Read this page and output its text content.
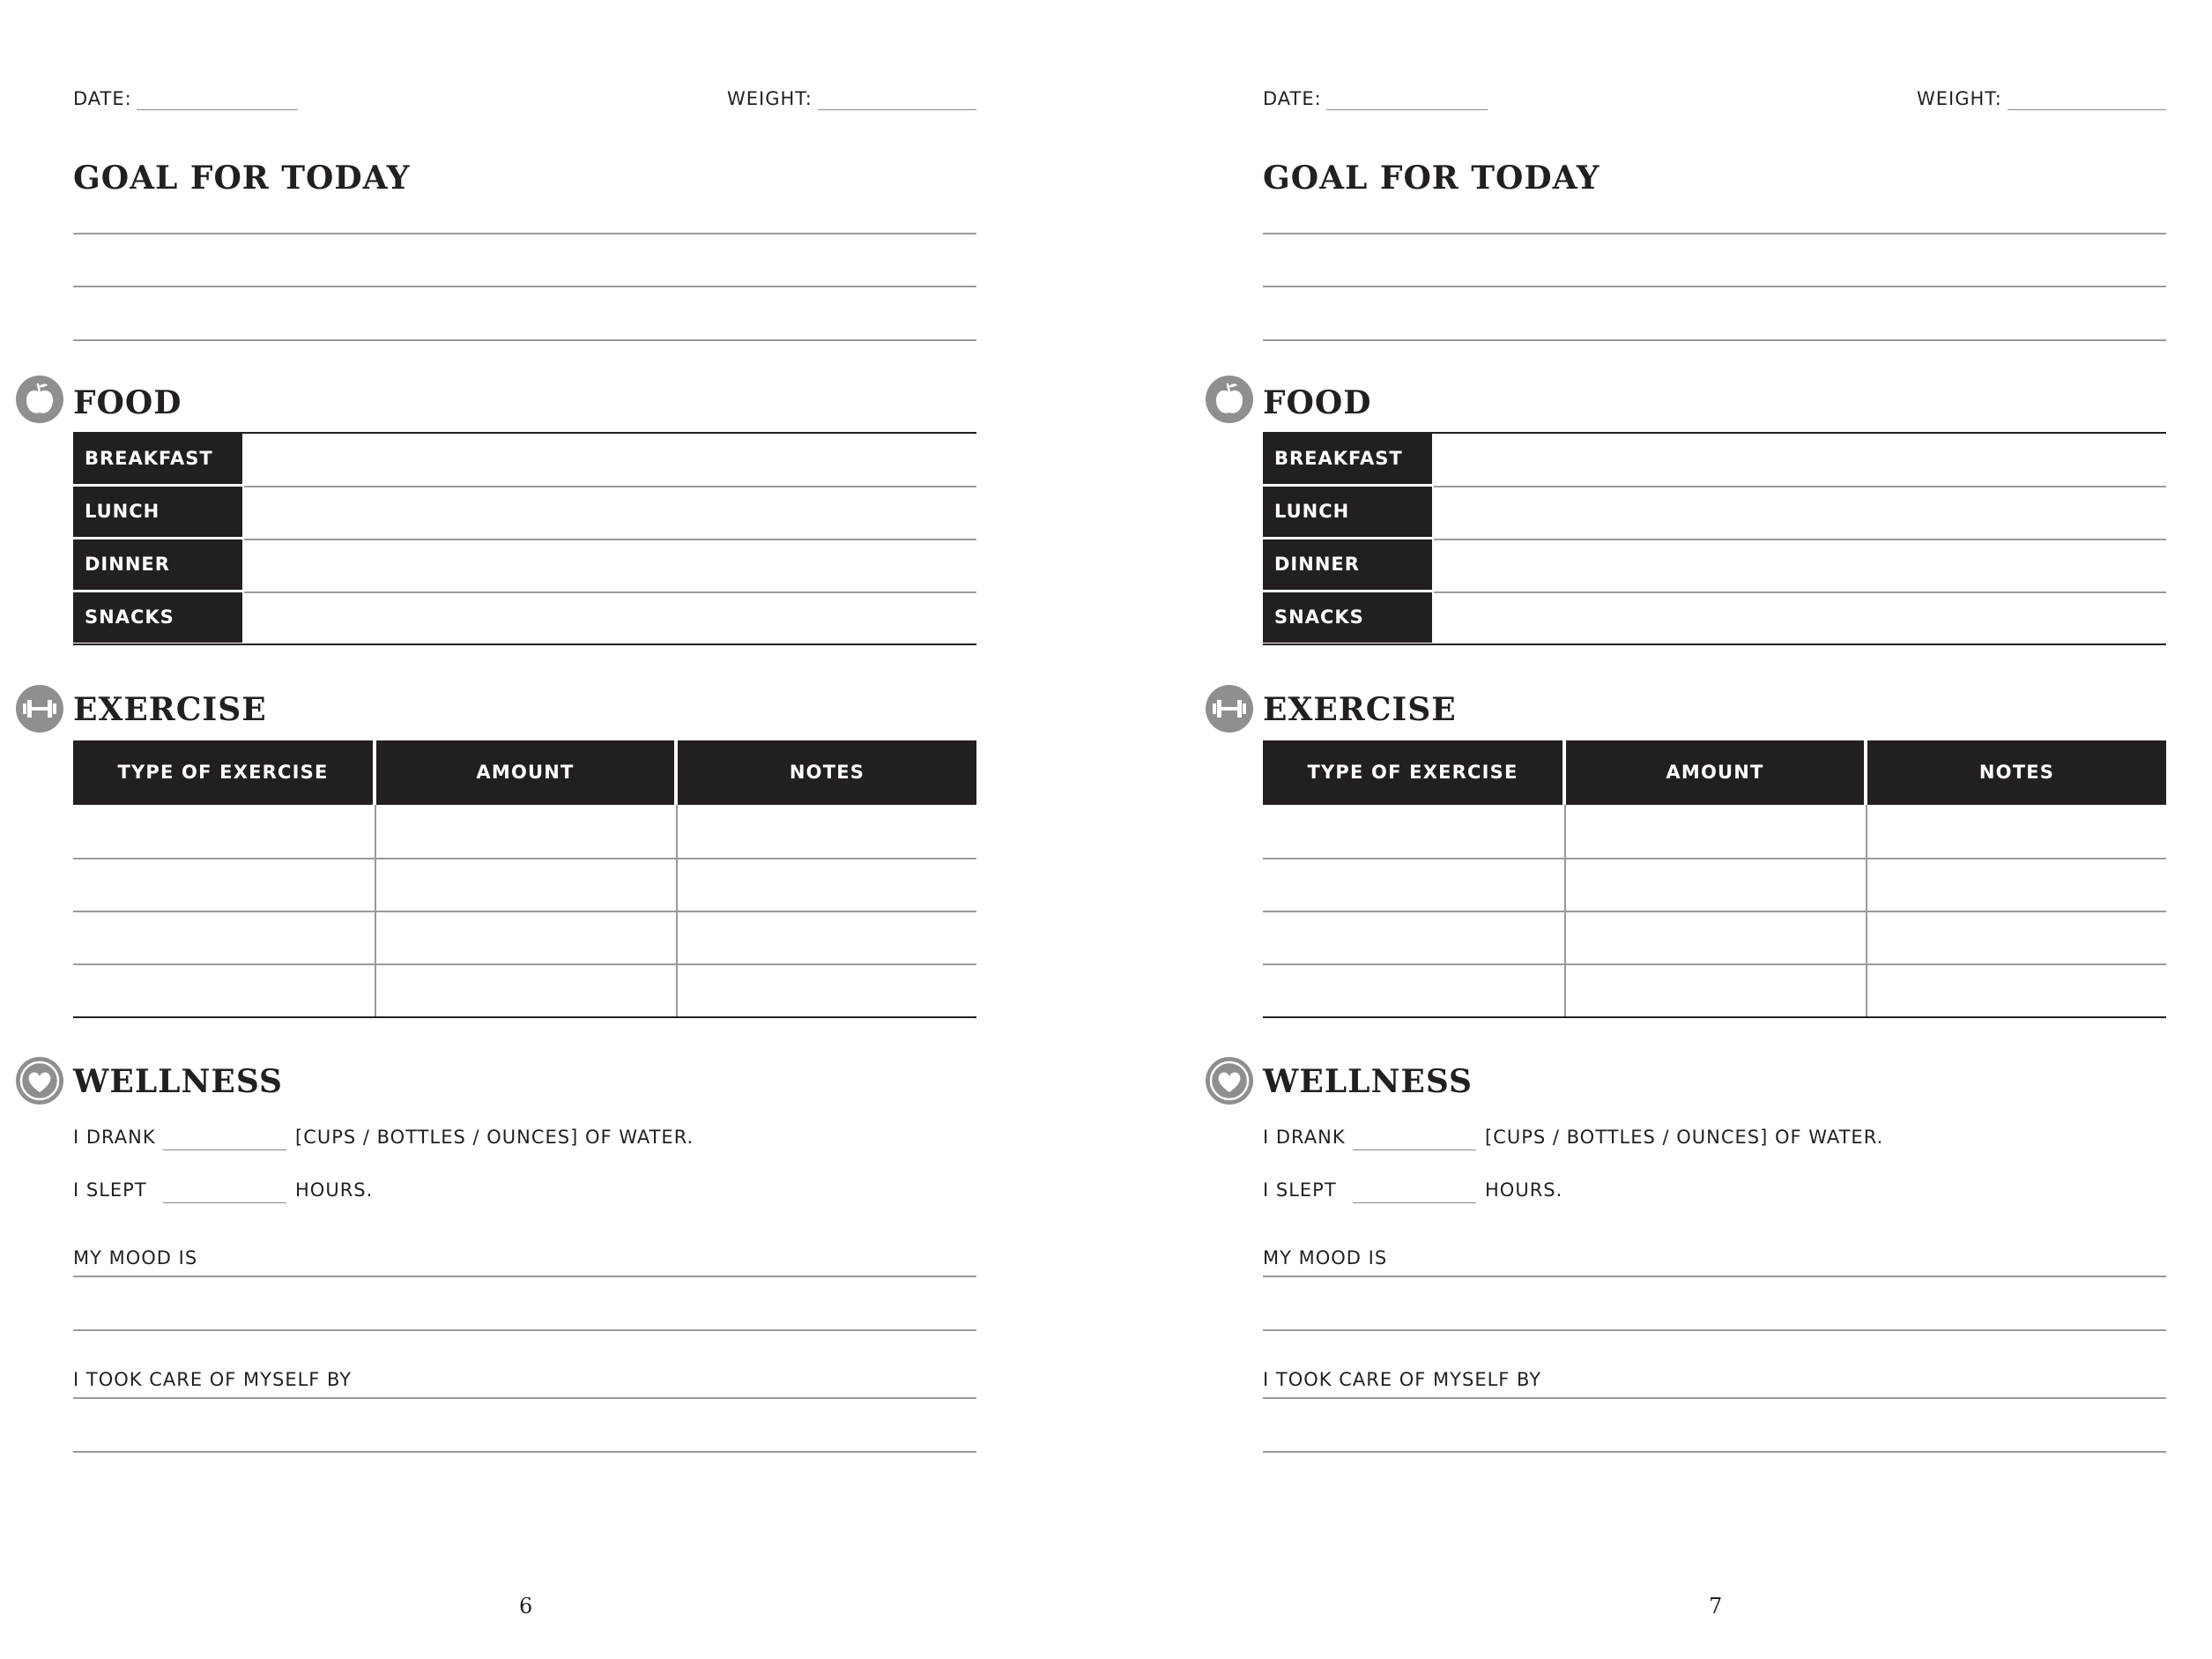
DATE:	WEIGHT:
GOAL FOR TODAY
FOOD
BREAKFAST
LUNCH
DINNER
SNACKS
EXERCISE
TYPE OF EXERCISE	AMOUNT	NOTES
WELLNESS
I DRANK	[CUPS / BOTTLES / OUNCES] OF WATER.
I SLEPT	HOURS.
MY MOOD IS
I TOOK CARE OF MYSELF BY
6
DATE:	WEIGHT:
GOAL FOR TODAY
FOOD
BREAKFAST
LUNCH
DINNER
SNACKS
EXERCISE
TYPE OF EXERCISE	AMOUNT	NOTES
WELLNESS
I DRANK	[CUPS / BOTTLES / OUNCES] OF WATER.
I SLEPT	HOURS.
MY MOOD IS
I TOOK CARE OF MYSELF BY
7
